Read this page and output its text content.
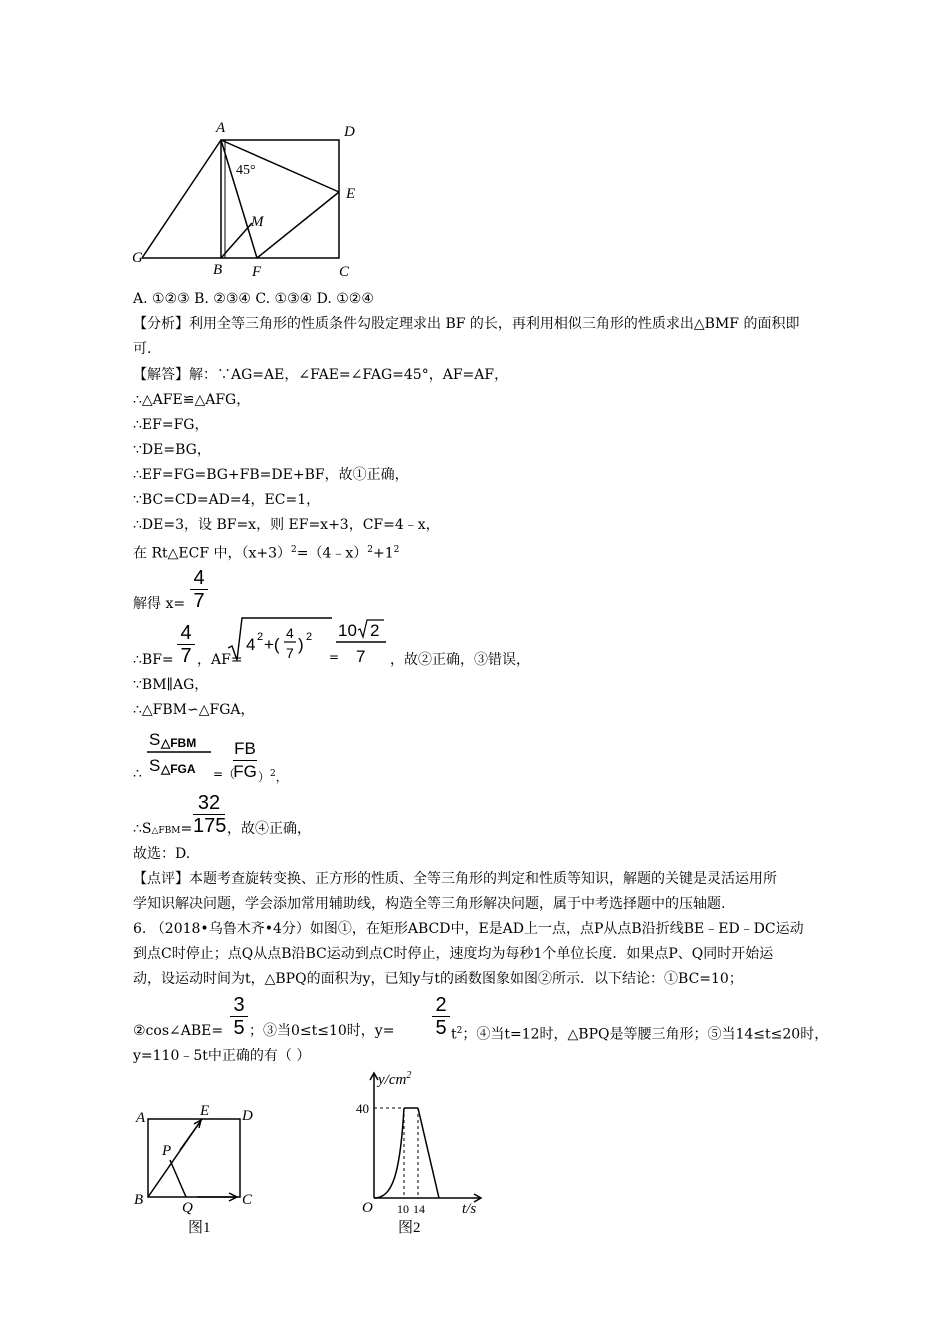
A	D
E
M
G
B F	C
45°
A. ①②③ B. ②③④ C. ①③④ D. ①②④
【分析】利用全等三角形的性质条件勾股定理求出 BF 的长，再利用相似三角形的性质求出△BMF 的面积即
可.
【解答】解：∵AG=AE，∠FAE=∠FAG=45°，AF=AF，
∴△AFE≌△AFG，
∴EF=FG，
∵DE=BG，
∴EF=FG=BG+FB=DE+BF，故①正确，
∵BC=CD=AD=4，EC=1，
∴DE=3，设 BF=x，则 EF=x+3，CF=4﹣x，
在 Rt△ECF 中，$(x+3)^2=(4﹣x)^2+1^2$
解得 x=
4
7
∴BF=
4
7 ，AF=
4 2 +(
4
7 ) 2
=
10 2
7 ，故②正确，③错误，
∵BM∥AG，
∴△FBM∽△FGA，
∴
S △FBM
S △FGA =（
FB
FG ）$^2$，
∴S△FBM=
32
175 ，故④正确，
故选：D.
【点评】本题考查旋转变换、正方形的性质、全等三角形的判定和性质等知识，解题的关键是灵活运用所
学知识解决问题，学会添加常用辅助线，构造全等三角形解决问题，属于中考选择题中的压轴题.
6. （2018•乌鲁木齐•4分）如图①，在矩形ABCD中，E是AD上一点，点P从点B沿折线BE﹣ED﹣DC运动
到点C时停止；点Q从点B沿BC运动到点C时停止，速度均为每秒1个单位长度．如果点P、Q同时开始运
动，设运动时间为t，△BPQ的面积为y，已知y与t的函数图象如图②所示．以下结论：①BC=10；
②cos∠ABE=
3
5 ；③当0≤t≤10时，y=
2
5 $t^2$；④当t=12时，△BPQ是等腰三角形；⑤当14≤t≤20时，
y=110﹣5t中正确的有（ ）
A	E D
P
B	Q	C
图1
$y/cm^2$
40
O 10 14 t/s
图2
